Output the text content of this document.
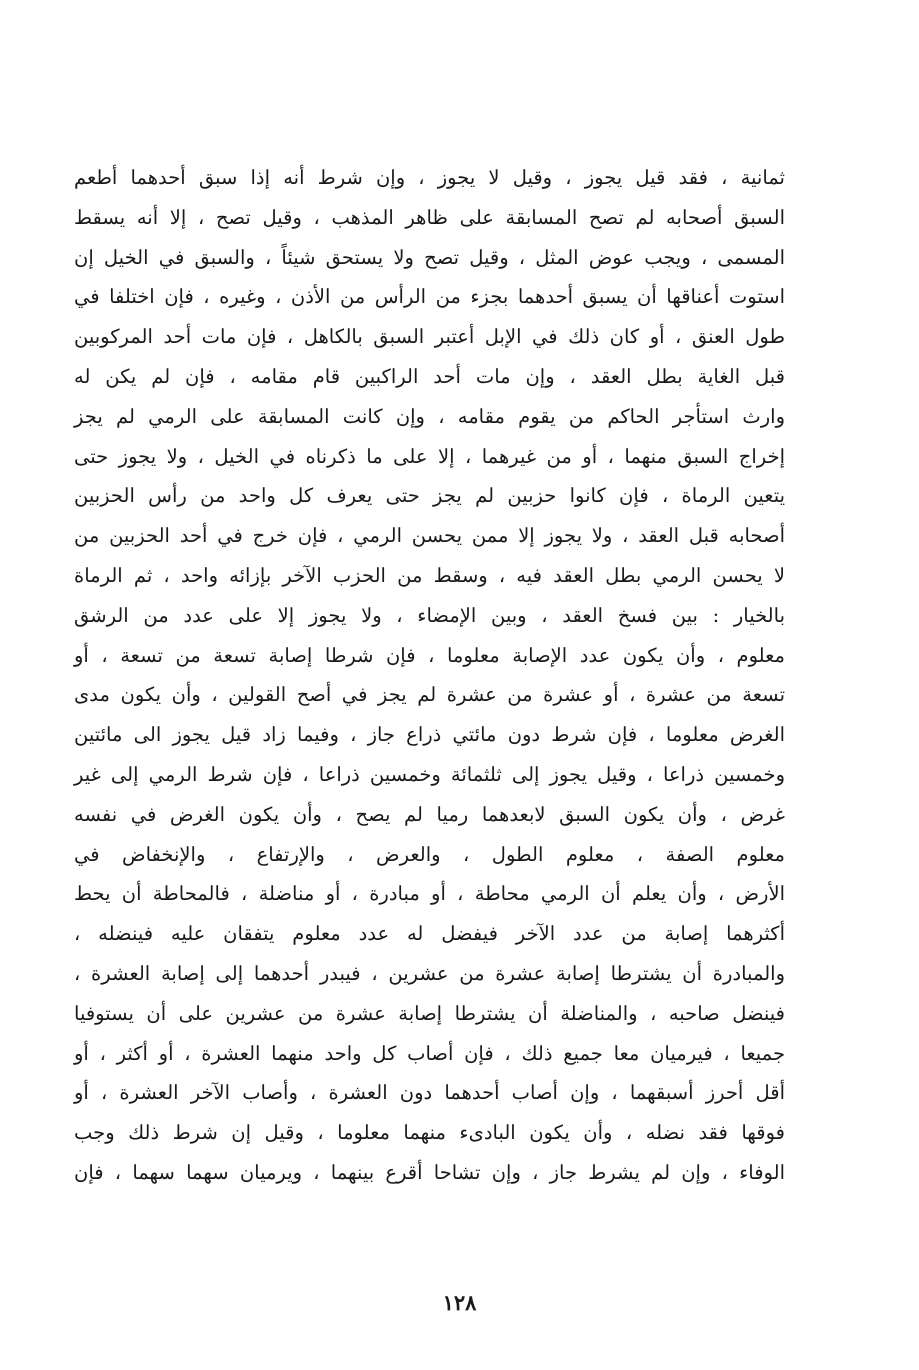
ثمانية ، فقد قيل يجوز ، وقيل لا يجوز ، وإن شرط أنه إذا سبق أحدهما أطعم
السبق أصحابه لم تصح المسابقة على ظاهر المذهب ، وقيل تصح ، إلا أنه يسقط
المسمى ، ويجب عوض المثل ، وقيل تصح ولا يستحق شيئاً ، والسبق في الخيل إن
استوت أعناقها أن يسبق أحدهما بجزء من الرأس من الأذن ، وغيره ، فإن اختلفا في
طول العنق ، أو كان ذلك في الإبل أعتبر السبق بالكاهل ، فإن مات أحد المركوبين
قبل الغاية بطل العقد ، وإن مات أحد الراكبين قام مقامه ، فإن لم يكن له
وارث استأجر الحاكم من يقوم مقامه ، وإن كانت المسابقة على الرمي لم يجز
إخراج السبق منهما ، أو من غيرهما ، إلا على ما ذكرناه في الخيل ، ولا يجوز حتى
يتعين الرماة ، فإن كانوا حزبين لم يجز حتى يعرف كل واحد من رأس الحزبين
أصحابه قبل العقد ، ولا يجوز إلا ممن يحسن الرمي ، فإن خرج في أحد الحزبين من
لا يحسن الرمي بطل العقد فيه ، وسقط من الحزب الآخر بإزائه واحد ، ثم الرماة
بالخيار : بين فسخ العقد ، وبين الإمضاء ، ولا يجوز إلا على عدد من الرشق
معلوم ، وأن يكون عدد الإصابة معلوما ، فإن شرطا إصابة تسعة من تسعة ، أو
تسعة من عشرة ، أو عشرة من عشرة لم يجز في أصح القولين ، وأن يكون مدى
الغرض معلوما ، فإن شرط دون مائتي ذراع جاز ، وفيما زاد قيل يجوز الى مائتين
وخمسين ذراعا ، وقيل يجوز إلى ثلثمائة وخمسين ذراعا ، فإن شرط الرمي إلى غير
غرض ، وأن يكون السبق لابعدهما رميا لم يصح ، وأن يكون الغرض في نفسه
معلوم الصفة ، معلوم الطول ، والعرض ، والإرتفاع ، والإنخفاض في
الأرض ، وأن يعلم أن الرمي محاطة ، أو مبادرة ، أو مناضلة ، فالمحاطة أن يحط
أكثرهما إصابة من عدد الآخر فيفضل له عدد معلوم يتفقان عليه فينضله ،
والمبادرة أن يشترطا إصابة عشرة من عشرين ، فيبدر أحدهما إلى إصابة العشرة ،
فينضل صاحبه ، والمناضلة أن يشترطا إصابة عشرة من عشرين على أن يستوفيا
جميعا ، فيرميان معا جميع ذلك ، فإن أصاب كل واحد منهما العشرة ، أو أكثر ، أو
أقل أحرز أسبقهما ، وإن أصاب أحدهما دون العشرة ، وأصاب الآخر العشرة ، أو
فوقها فقد نضله ، وأن يكون البادىء منهما معلوما ، وقيل إن شرط ذلك وجب
الوفاء ، وإن لم يشرط جاز ، وإن تشاحا أقرع بينهما ، ويرميان سهما سهما ، فإن
١٢٨
